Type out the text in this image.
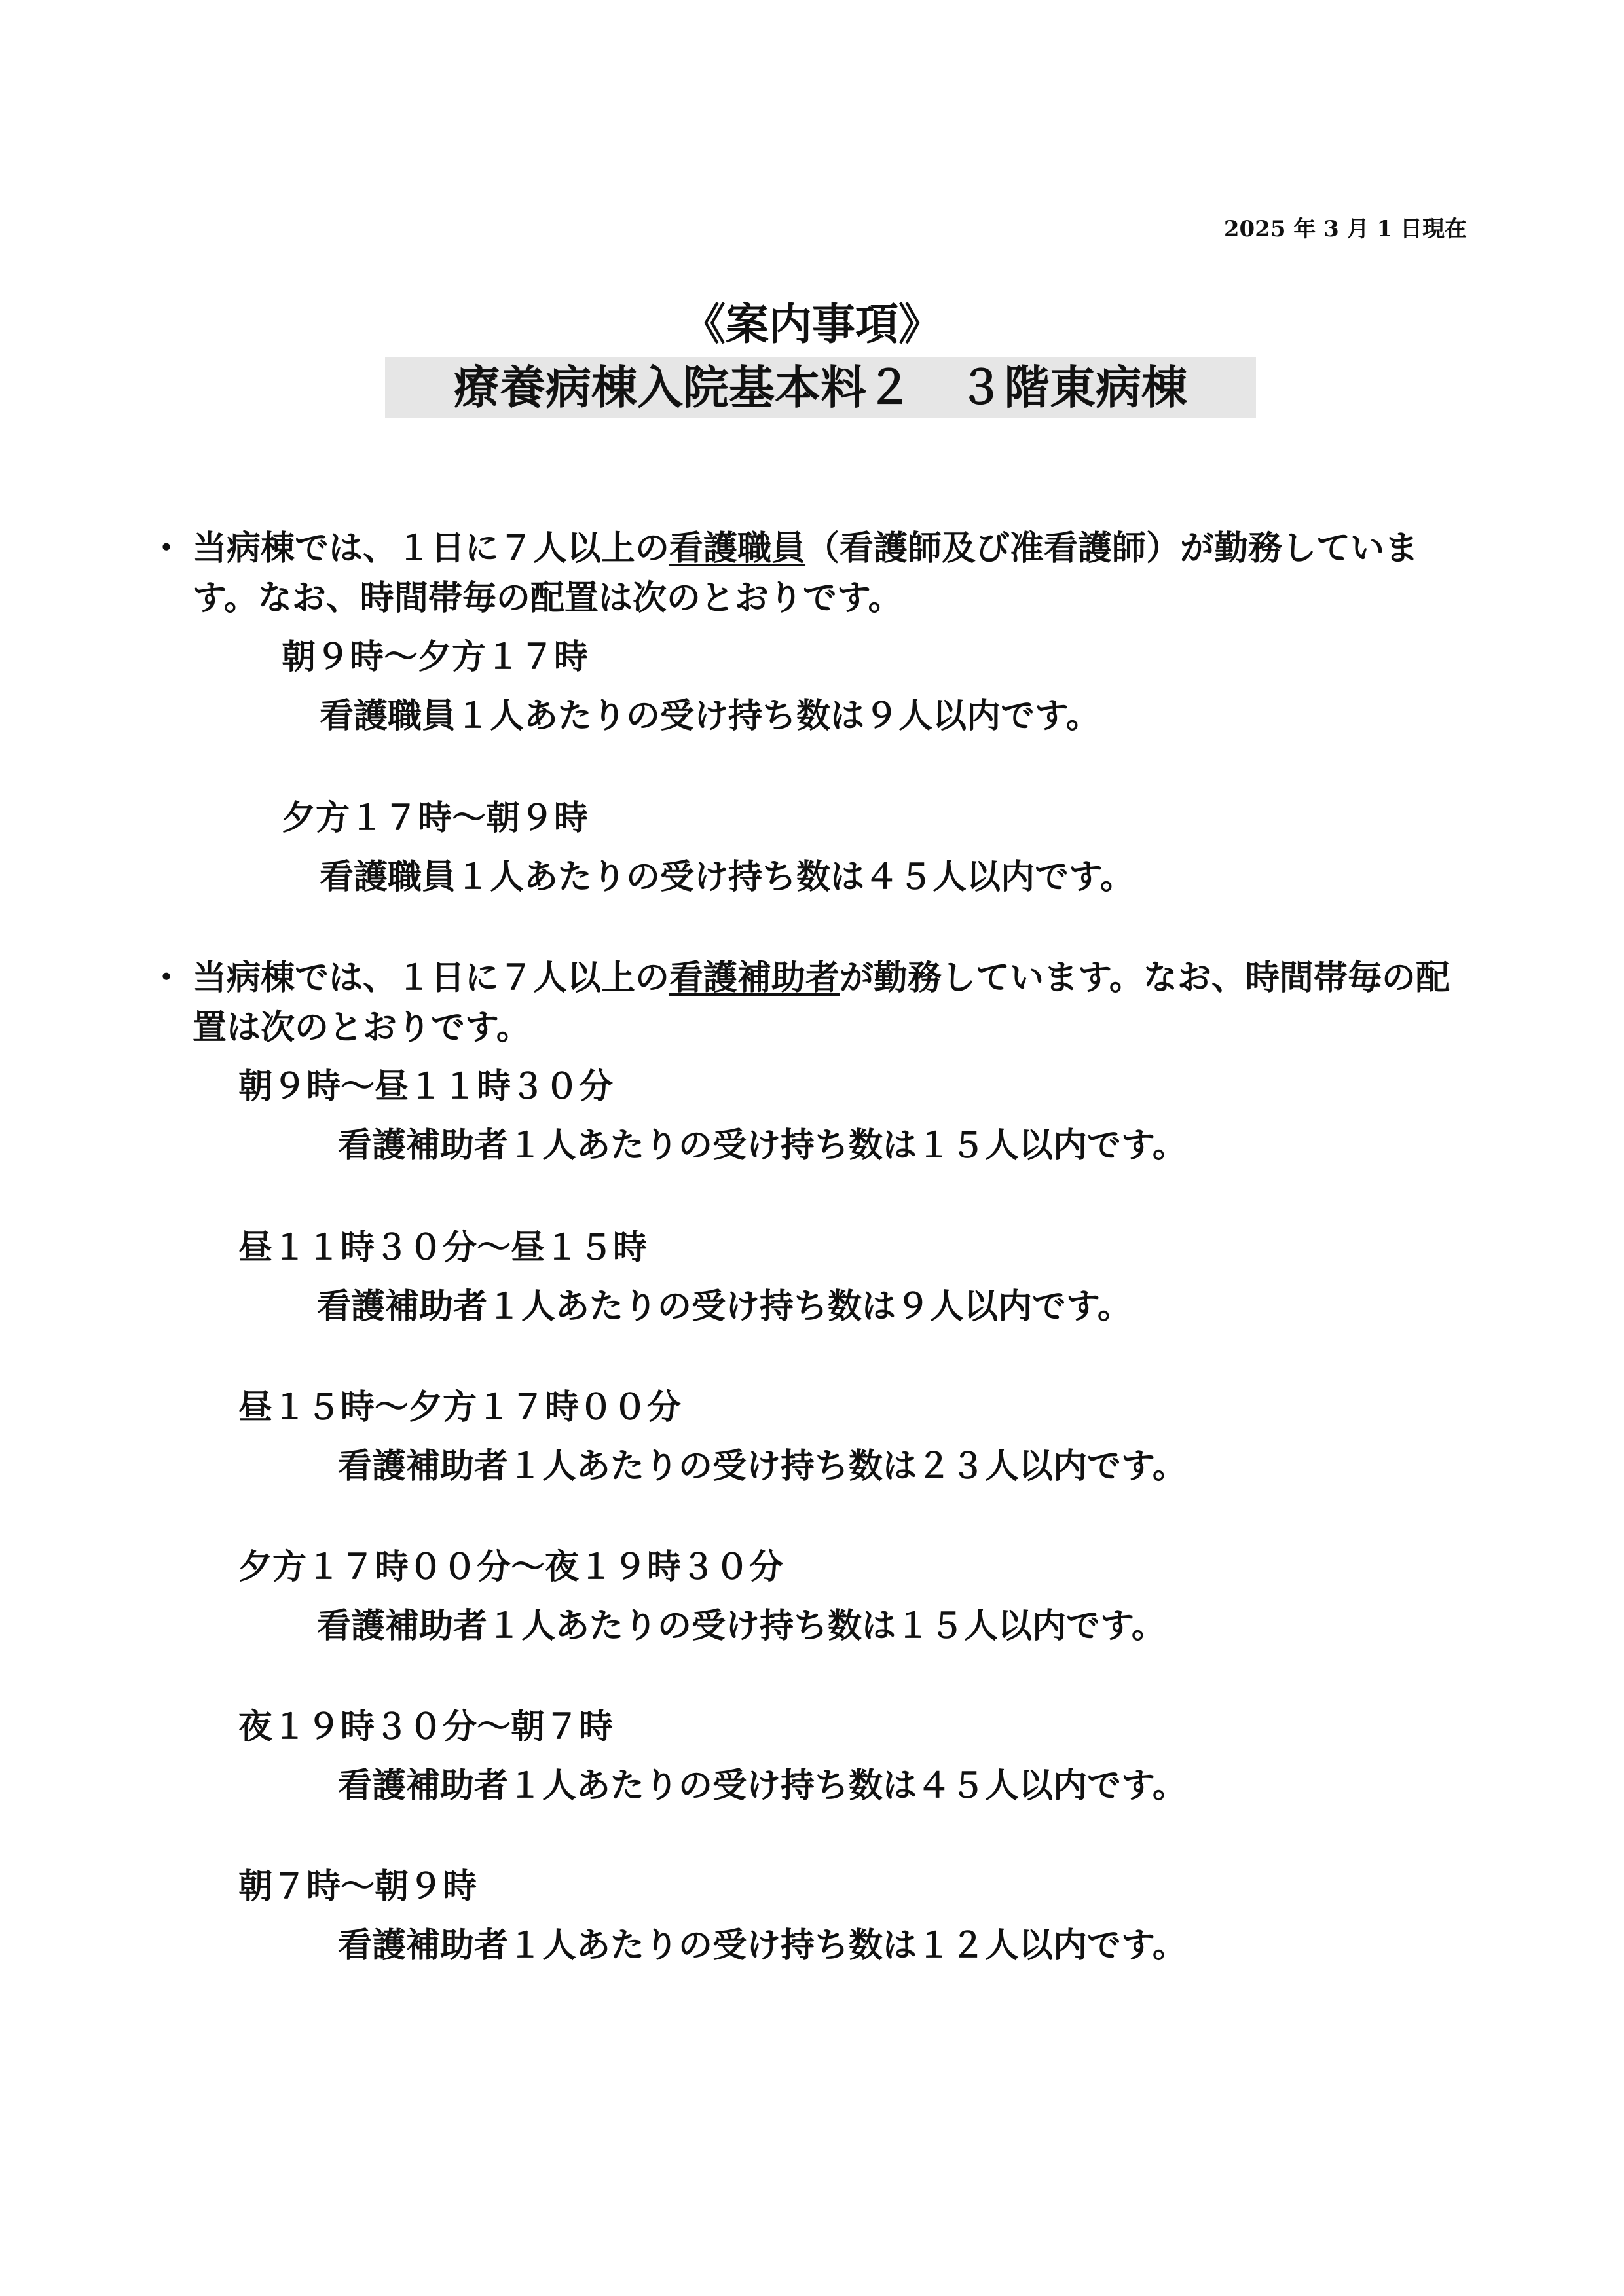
2025 年 3 月 1 日現在
《案内事項》
療養病棟入院基本料２　３階東病棟
・ 当病棟では、１日に７人以上の看護職員（看護師及び准看護師）が勤務しています。なお、時間帯毎の配置は次のとおりです。
朝９時～夕方１７時
看護職員１人あたりの受け持ち数は９人以内です。
夕方１７時～朝９時
看護職員１人あたりの受け持ち数は４５人以内です。
・ 当病棟では、１日に７人以上の看護補助者が勤務しています。なお、時間帯毎の配置は次のとおりです。
朝９時～昼１１時３０分
看護補助者１人あたりの受け持ち数は１５人以内です。
昼１１時３０分～昼１５時
看護補助者１人あたりの受け持ち数は９人以内です。
昼１５時～夕方１７時００分
看護補助者１人あたりの受け持ち数は２３人以内です。
夕方１７時００分～夜１９時３０分
看護補助者１人あたりの受け持ち数は１５人以内です。
夜１９時３０分～朝７時
看護補助者１人あたりの受け持ち数は４５人以内です。
朝７時～朝９時
看護補助者１人あたりの受け持ち数は１２人以内です。
